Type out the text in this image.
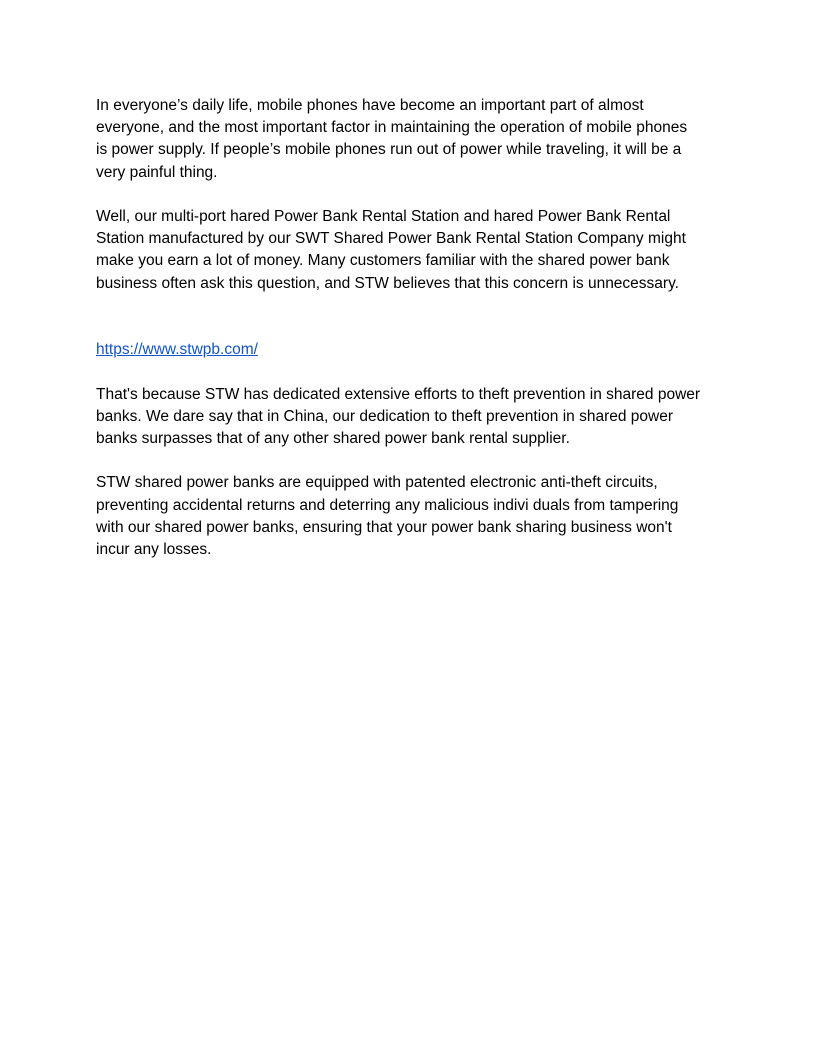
In everyone’s daily life, mobile phones have become an important part of almost
everyone, and the most important factor in maintaining the operation of mobile phones
is power supply. If people’s mobile phones run out of power while traveling, it will be a
very painful thing.

Well, our multi-port hared Power Bank Rental Station and hared Power Bank Rental
Station manufactured by our SWT Shared Power Bank Rental Station Company might
make you earn a lot of money. Many customers familiar with the shared power bank
business often ask this question, and STW believes that this concern is unnecessary.

https://www.stwpb.com/

That's because STW has dedicated extensive efforts to theft prevention in shared power
banks. We dare say that in China, our dedication to theft prevention in shared power
banks surpasses that of any other shared power bank rental supplier.

STW shared power banks are equipped with patented electronic anti-theft circuits,
preventing accidental returns and deterring any malicious indivi duals from tampering
with our shared power banks, ensuring that your power bank sharing business won't
incur any losses.
